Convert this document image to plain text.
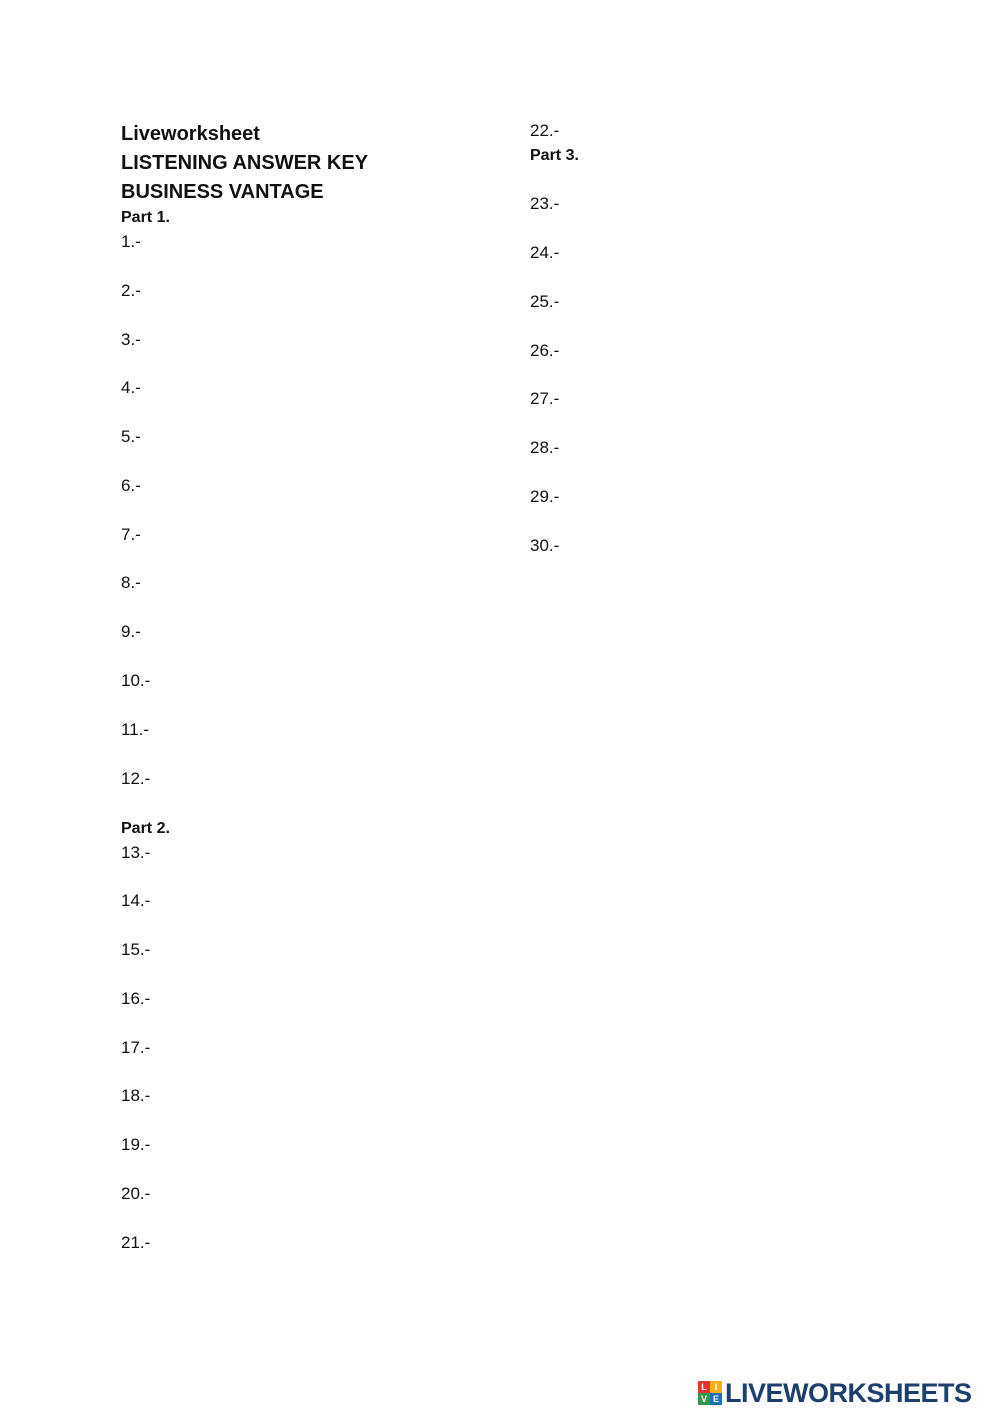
Liveworksheet
LISTENING ANSWER KEY
BUSINESS VANTAGE
Part 1.
Part 2.
Part 3.
1.-
2.-
3.-
4.-
5.-
6.-
7.-
8.-
9.-
10.-
11.-
12.-
13.-
14.-
15.-
16.-
17.-
18.-
19.-
20.-
21.-
22.-
23.-
24.-
25.-
26.-
27.-
28.-
29.-
30.-
L I
V E LIVEWORKSHEETS
